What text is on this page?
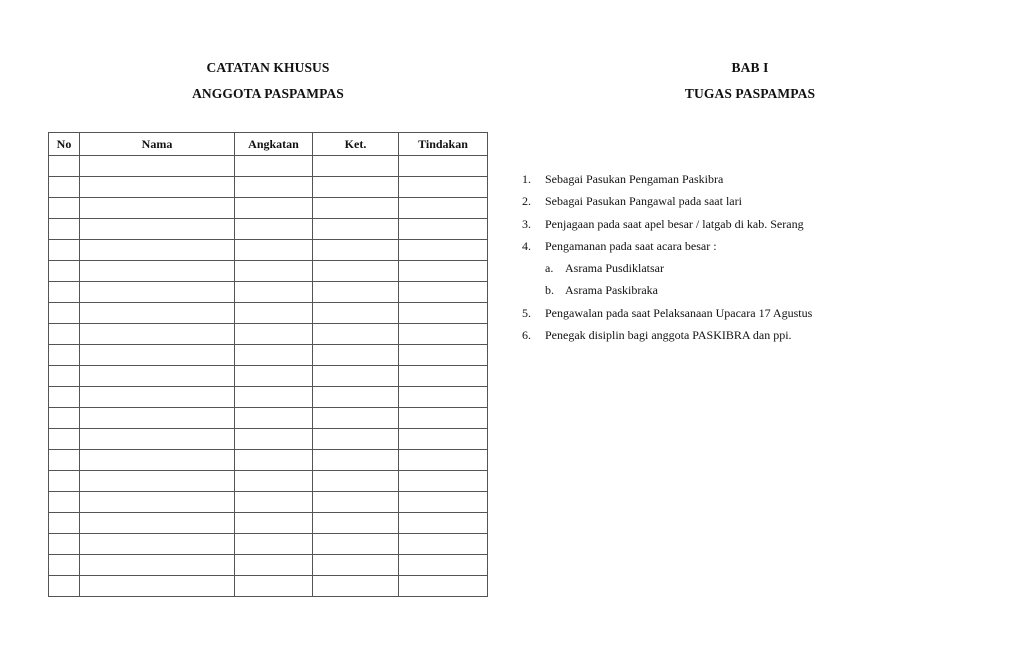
CATATAN KHUSUS
ANGGOTA PASPAMPAS
BAB I
TUGAS PASPAMPAS
No	Nama	Angkatan	Ket.	Tindakan

1. Sebagai Pasukan Pengaman Paskibra
2. Sebagai Pasukan Pangawal pada saat lari
3. Penjagaan pada saat apel besar / latgab di kab. Serang
4. Pengamanan pada saat acara besar :
a. Asrama Pusdiklatsar
b. Asrama Paskibraka
5. Pengawalan pada saat Pelaksanaan Upacara 17 Agustus
6. Penegak disiplin bagi anggota PASKIBRA dan ppi.
